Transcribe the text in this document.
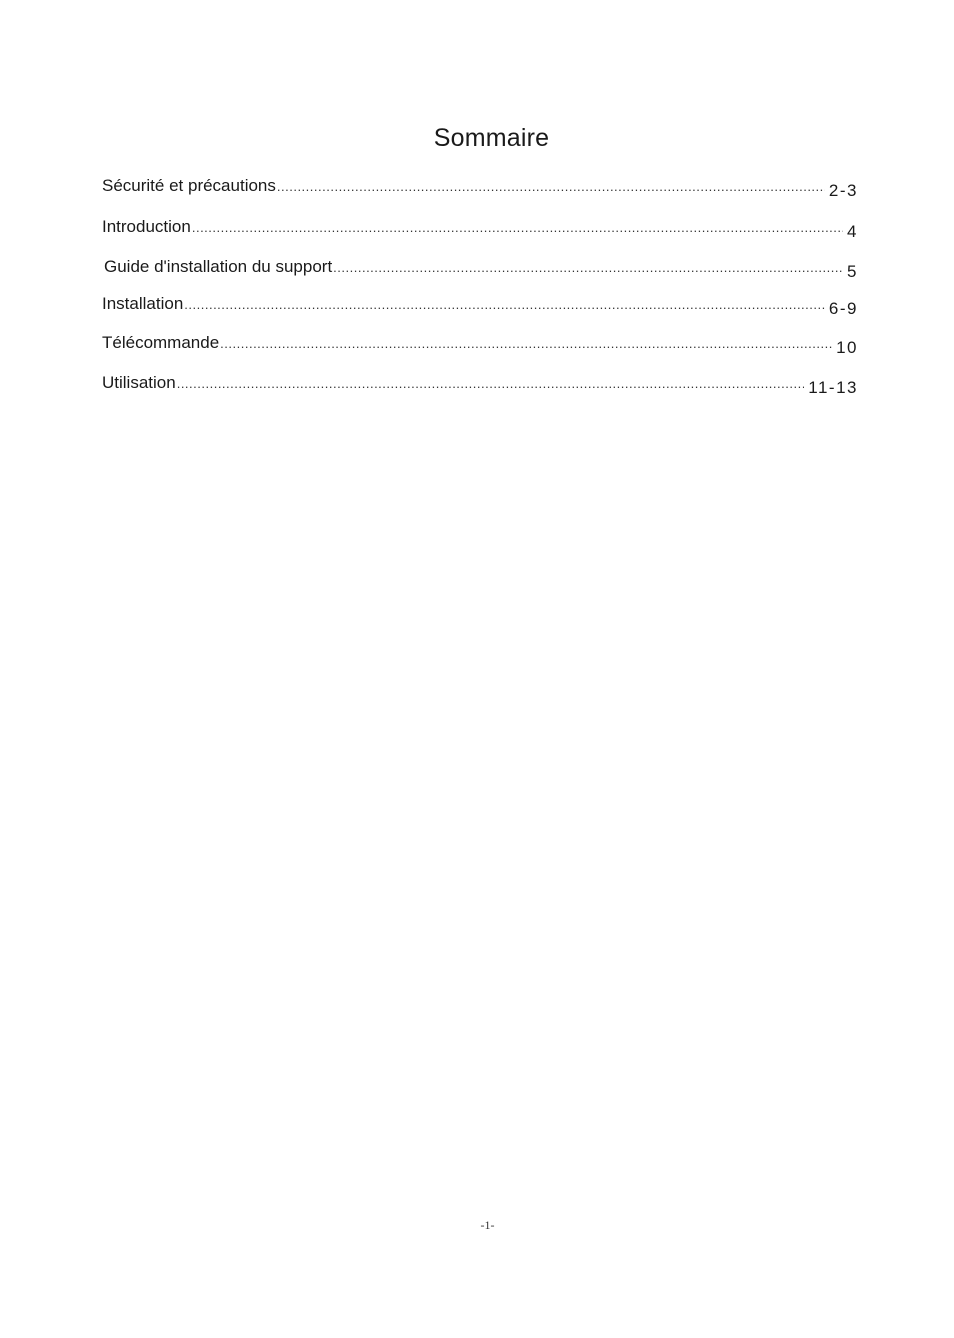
Sommaire
Sécurité et précautions .....	2-3
Introduction .....	4
Guide d'installation du support .....	5
Installation .....	6-9
Télécommande .....	10
Utilisation .....	11-13
-1-
